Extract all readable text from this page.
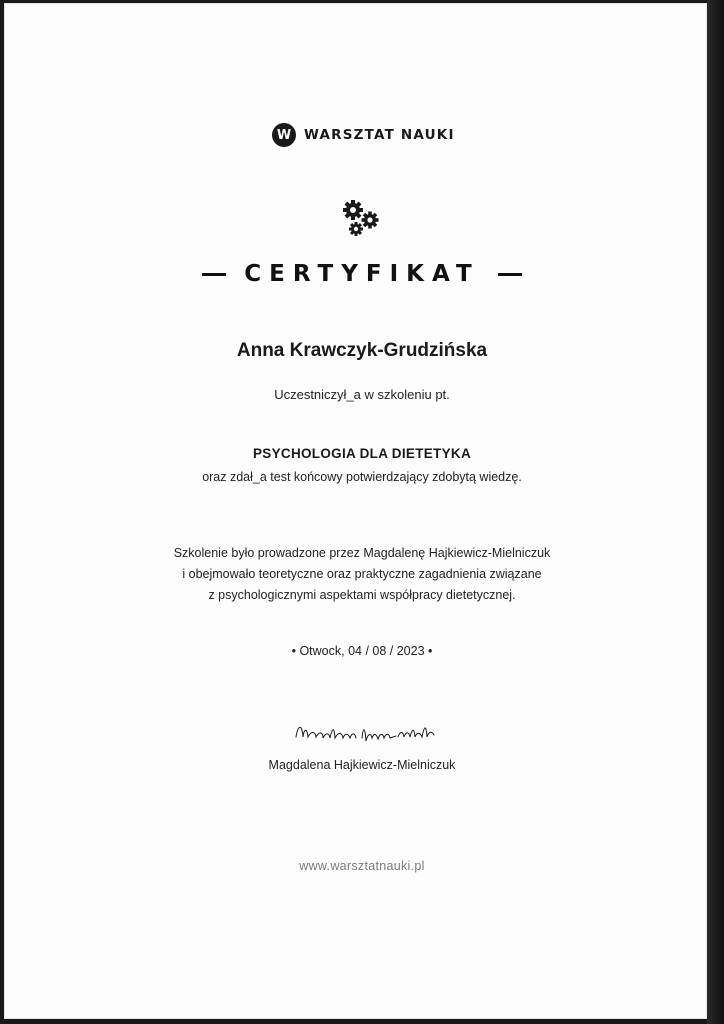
W WARSZTAT NAUKI
CERTYFIKAT
Anna Krawczyk-Grudzińska
Uczestniczył_a w szkoleniu pt.
PSYCHOLOGIA DLA DIETETYKA
oraz zdał_a test końcowy potwierdzający zdobytą wiedzę.
Szkolenie było prowadzone przez Magdalenę Hajkiewicz-Mielniczuk
i obejmowało teoretyczne oraz praktyczne zagadnienia związane
z psychologicznymi aspektami współpracy dietetycznej.
• Otwock, 04 / 08 / 2023 •
Magdalena Hajkiewicz-Mielniczuk
www.warsztatnauki.pl
